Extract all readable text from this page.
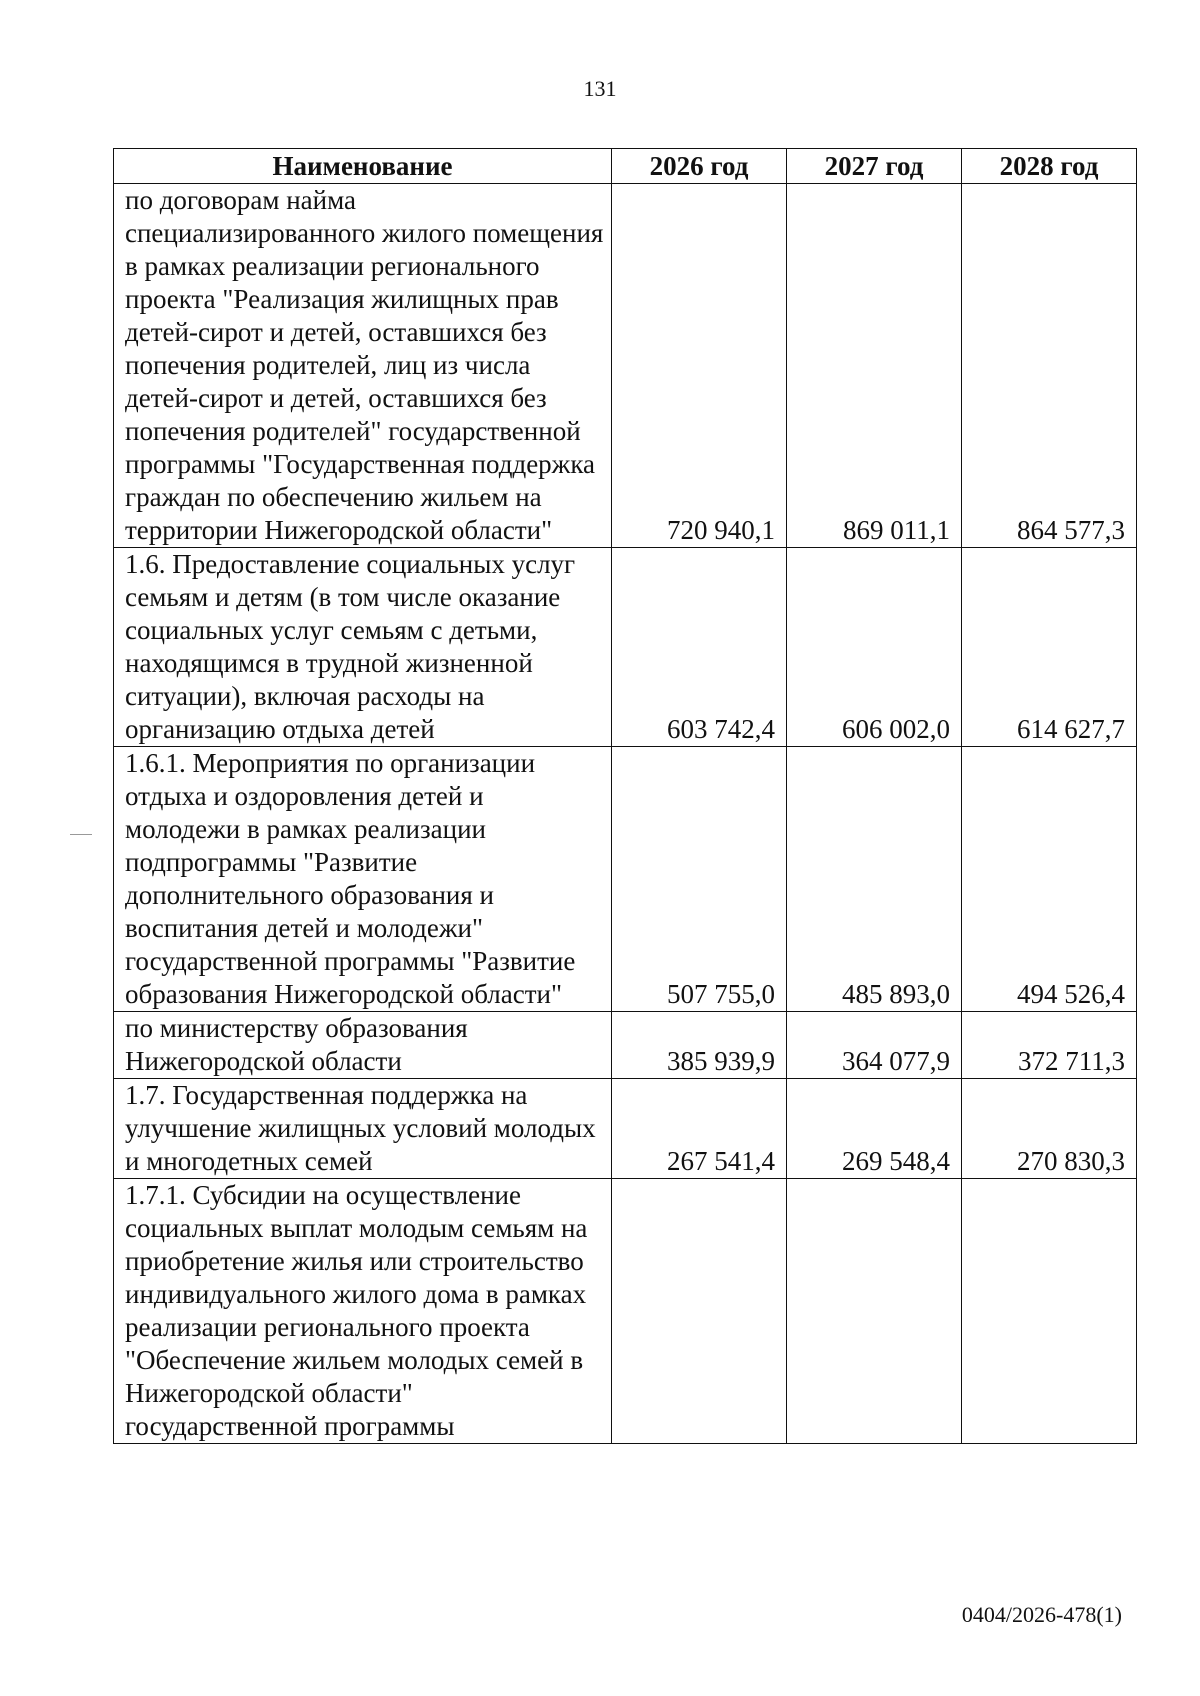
131
Наименование	2026 год	2027 год	2028 год
по договорам найма специализированного жилого помещения в рамках реализации регионального проекта "Реализация жилищных прав детей-сирот и детей, оставшихся без попечения родителей, лиц из числа детей-сирот и детей, оставшихся без попечения родителей" государственной программы "Государственная поддержка граждан по обеспечению жильем на территории Нижегородской области"	720 940,1	869 011,1	864 577,3
1.6. Предоставление социальных услуг семьям и детям (в том числе оказание социальных услуг семьям с детьми, находящимся в трудной жизненной ситуации), включая расходы на организацию отдыха детей	603 742,4	606 002,0	614 627,7
1.6.1. Мероприятия по организации отдыха и оздоровления детей и молодежи в рамках реализации подпрограммы "Развитие дополнительного образования и воспитания детей и молодежи" государственной программы "Развитие образования Нижегородской области"	507 755,0	485 893,0	494 526,4
по министерству образования Нижегородской области	385 939,9	364 077,9	372 711,3
1.7. Государственная поддержка на улучшение жилищных условий молодых и многодетных семей	267 541,4	269 548,4	270 830,3
1.7.1. Субсидии на осуществление социальных выплат молодым семьям на приобретение жилья или строительство индивидуального жилого дома в рамках реализации регионального проекта "Обеспечение жильем молодых семей в Нижегородской области" государственной программы			
0404/2026-478(1)
